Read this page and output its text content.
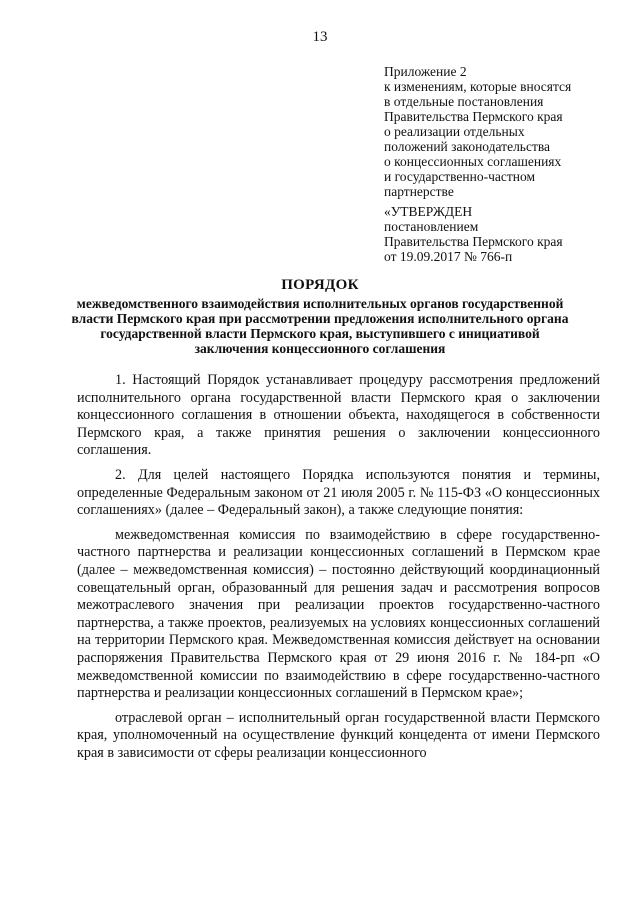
13
Приложение 2
к изменениям, которые вносятся
в отдельные постановления
Правительства Пермского края
о реализации отдельных
положений законодательства
о концессионных соглашениях
и государственно-частном
партнерстве
«УТВЕРЖДЕН
постановлением
Правительства Пермского края
от 19.09.2017 № 766-п
ПОРЯДОК
межведомственного взаимодействия исполнительных органов государственной власти Пермского края при рассмотрении предложения исполнительного органа государственной власти Пермского края, выступившего с инициативой заключения концессионного соглашения

1. Настоящий Порядок устанавливает процедуру рассмотрения предложений исполнительного органа государственной власти Пермского края о заключении концессионного соглашения в отношении объекта, находящегося в собственности Пермского края, а также принятия решения о заключении концессионного соглашения.

2. Для целей настоящего Порядка используются понятия и термины, определенные Федеральным законом от 21 июля 2005 г. № 115-ФЗ «О концессионных соглашениях» (далее – Федеральный закон), а также следующие понятия:

межведомственная комиссия по взаимодействию в сфере государственно-частного партнерства и реализации концессионных соглашений в Пермском крае (далее – межведомственная комиссия) – постоянно действующий координационный совещательный орган, образованный для решения задач и рассмотрения вопросов межотраслевого значения при реализации проектов государственно-частного партнерства, а также проектов, реализуемых на условиях концессионных соглашений на территории Пермского края. Межведомственная комиссия действует на основании распоряжения Правительства Пермского края от 29 июня 2016 г. № 184-рп «О межведомственной комиссии по взаимодействию в сфере государственно-частного партнерства и реализации концессионных соглашений в Пермском крае»;

отраслевой орган – исполнительный орган государственной власти Пермского края, уполномоченный на осуществление функций концедента от имени Пермского края в зависимости от сферы реализации концессионного
